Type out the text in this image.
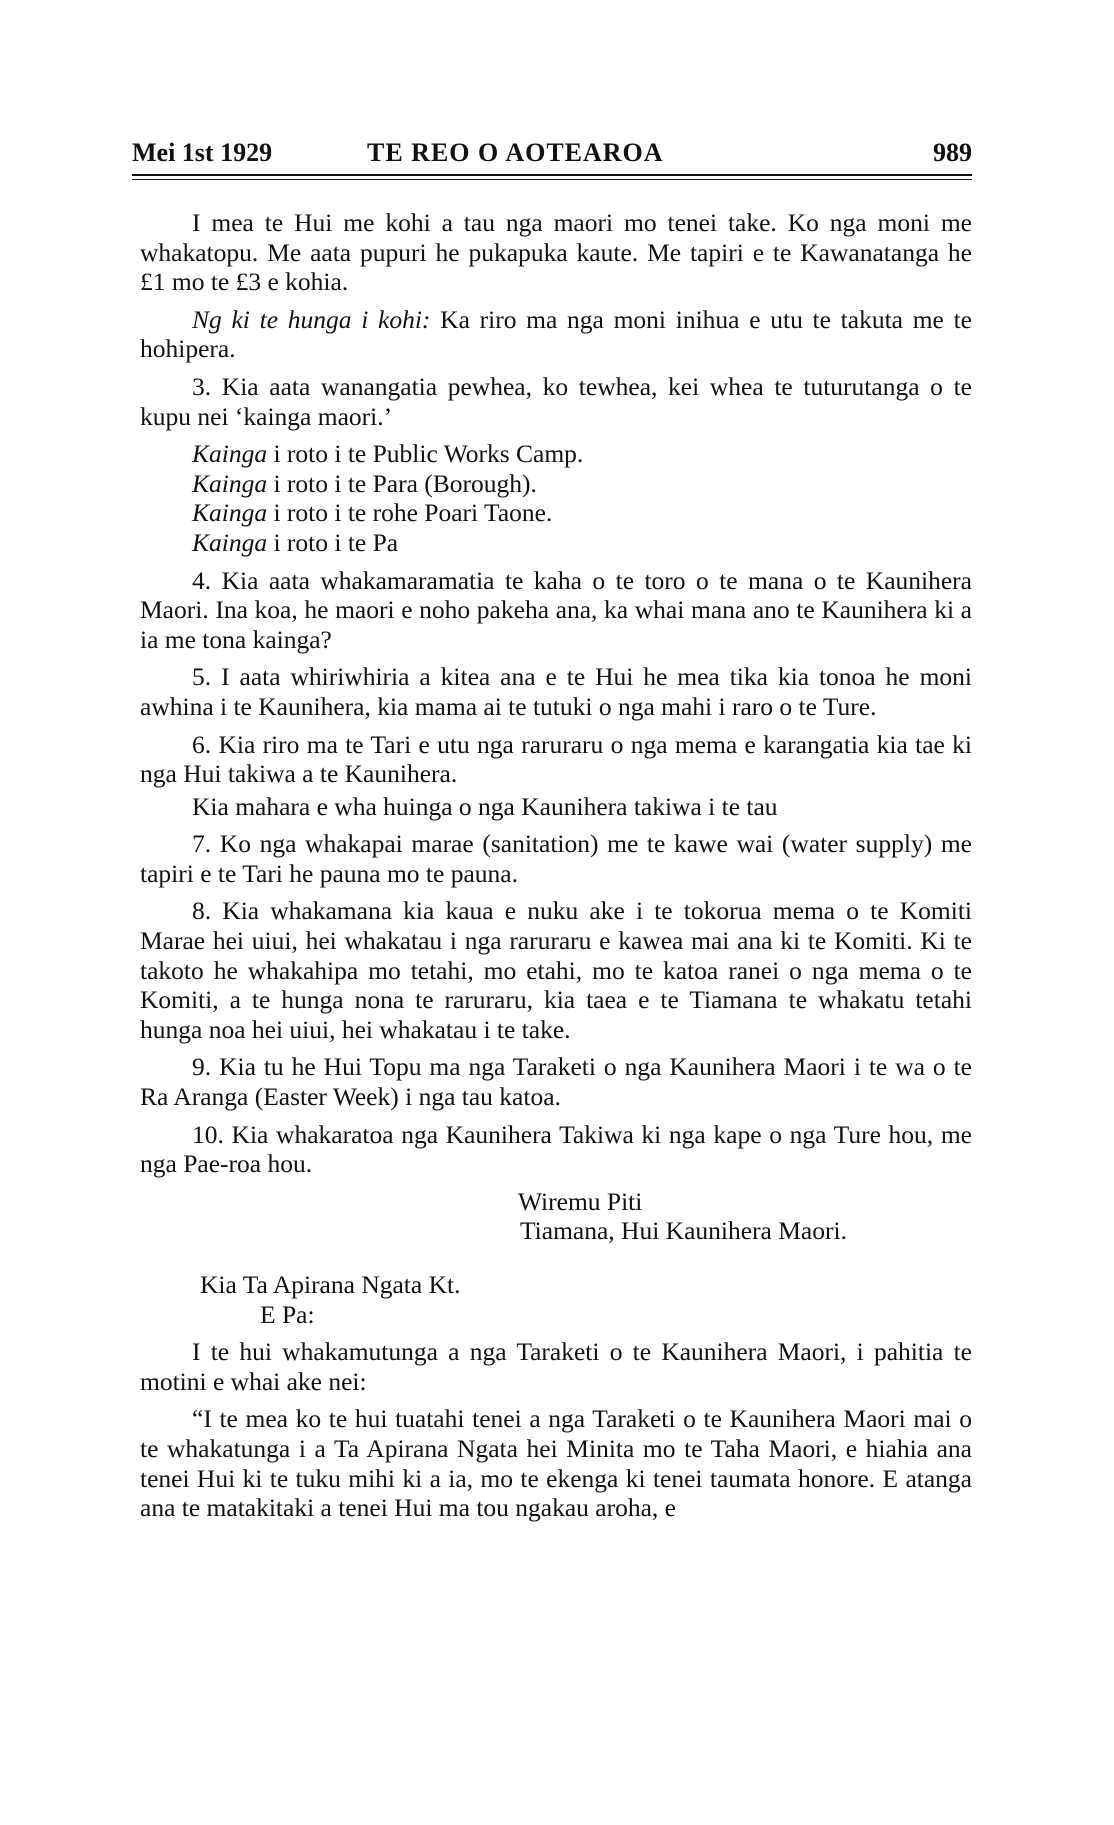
Mei 1st 1929	TE REO O AOTEAROA	989

I mea te Hui me kohi a tau nga maori mo tenei take. Ko nga moni me whakatopu. Me aata pupuri he pukapuka kaute. Me tapiri e te Kawanatanga he £1 mo te £3 e kohia.

Ng ki te hunga i kohi: Ka riro ma nga moni inihua e utu te takuta me te hohipera.

3. Kia aata wanangatia pewhea, ko tewhea, kei whea te tuturutanga o te kupu nei ‘kainga maori.’

Kainga i roto i te Public Works Camp.
Kainga i roto i te Para (Borough).
Kainga i roto i te rohe Poari Taone.
Kainga i roto i te Pa

4. Kia aata whakamaramatia te kaha o te toro o te mana o te Kaunihera Maori. Ina koa, he maori e noho pakeha ana, ka whai mana ano te Kaunihera ki a ia me tona kainga?

5. I aata whiriwhiria a kitea ana e te Hui he mea tika kia tonoa he moni awhina i te Kaunihera, kia mama ai te tutuki o nga mahi i raro o te Ture.

6. Kia riro ma te Tari e utu nga raruraru o nga mema e karangatia kia tae ki nga Hui takiwa a te Kaunihera.

Kia mahara e wha huinga o nga Kaunihera takiwa i te tau

7. Ko nga whakapai marae (sanitation) me te kawe wai (water supply) me tapiri e te Tari he pauna mo te pauna.

8. Kia whakamana kia kaua e nuku ake i te tokorua mema o te Komiti Marae hei uiui, hei whakatau i nga raruraru e kawea mai ana ki te Komiti. Ki te takoto he whakahipa mo tetahi, mo etahi, mo te katoa ranei o nga mema o te Komiti, a te hunga nona te raruraru, kia taea e te Tiamana te whakatu tetahi hunga noa hei uiui, hei whakatau i te take.

9. Kia tu he Hui Topu ma nga Taraketi o nga Kaunihera Maori i te wa o te Ra Aranga (Easter Week) i nga tau katoa.

10. Kia whakaratoa nga Kaunihera Takiwa ki nga kape o nga Ture hou, me nga Pae-roa hou.

Wiremu Piti
Tiamana, Hui Kaunihera Maori.
Kia Ta Apirana Ngata Kt.
E Pa:

I te hui whakamutunga a nga Taraketi o te Kaunihera Maori, i pahitia te motini e whai ake nei:

“I te mea ko te hui tuatahi tenei a nga Taraketi o te Kaunihera Maori mai o te whakatunga i a Ta Apirana Ngata hei Minita mo te Taha Maori, e hiahia ana tenei Hui ki te tuku mihi ki a ia, mo te ekenga ki tenei taumata honore. E atanga ana te matakitaki a tenei Hui ma tou ngakau aroha, e
